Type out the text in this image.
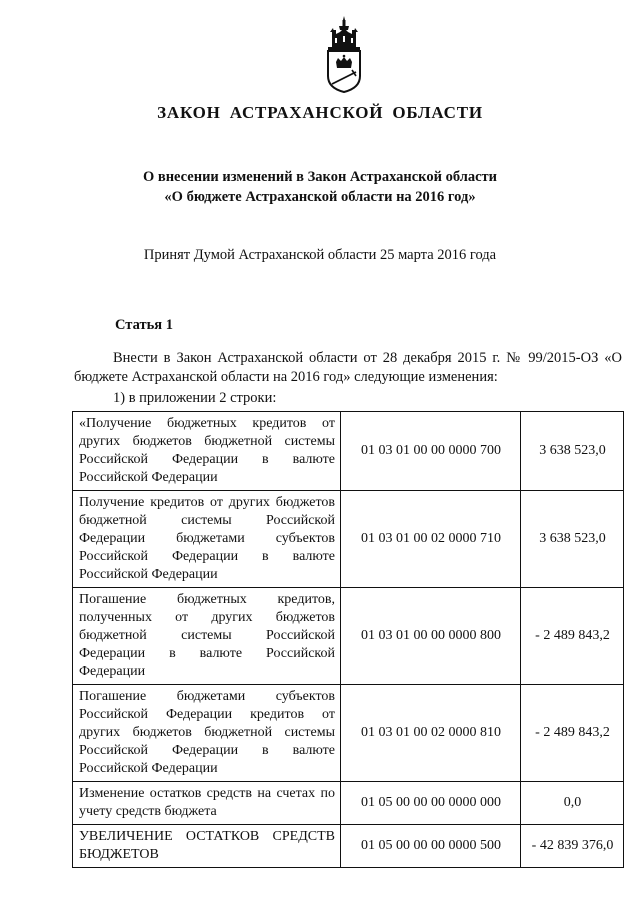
ЗАКОН АСТРАХАНСКОЙ ОБЛАСТИ
О внесении изменений в Закон Астраханской области
«О бюджете Астраханской области на 2016 год»
Принят Думой Астраханской области 25 марта 2016 года
Статья 1
Внести в Закон Астраханской области от 28 декабря 2015 г. № 99/2015-ОЗ «О бюджете Астраханской области на 2016 год» следующие изменения:
1) в приложении 2 строки:
«Получение бюджетных кредитов от других бюджетов бюджетной системы Российской Федерации в валюте Российской Федерации	01 03 01 00 00 0000 700	3 638 523,0
Получение кредитов от других бюджетов бюджетной системы Российской Федерации бюджетами субъектов Российской Федерации в валюте Российской Федерации	01 03 01 00 02 0000 710	3 638 523,0
Погашение бюджетных кредитов, полученных от других бюджетов бюджетной системы Российской Федерации в валюте Российской Федерации	01 03 01 00 00 0000 800	- 2 489 843,2
Погашение бюджетами субъектов Российской Федерации кредитов от других бюджетов бюджетной системы Российской Федерации в валюте Российской Федерации	01 03 01 00 02 0000 810	- 2 489 843,2
Изменение остатков средств на счетах по учету средств бюджета	01 05 00 00 00 0000 000	0,0
УВЕЛИЧЕНИЕ ОСТАТКОВ СРЕДСТВ БЮДЖЕТОВ	01 05 00 00 00 0000 500	- 42 839 376,0
